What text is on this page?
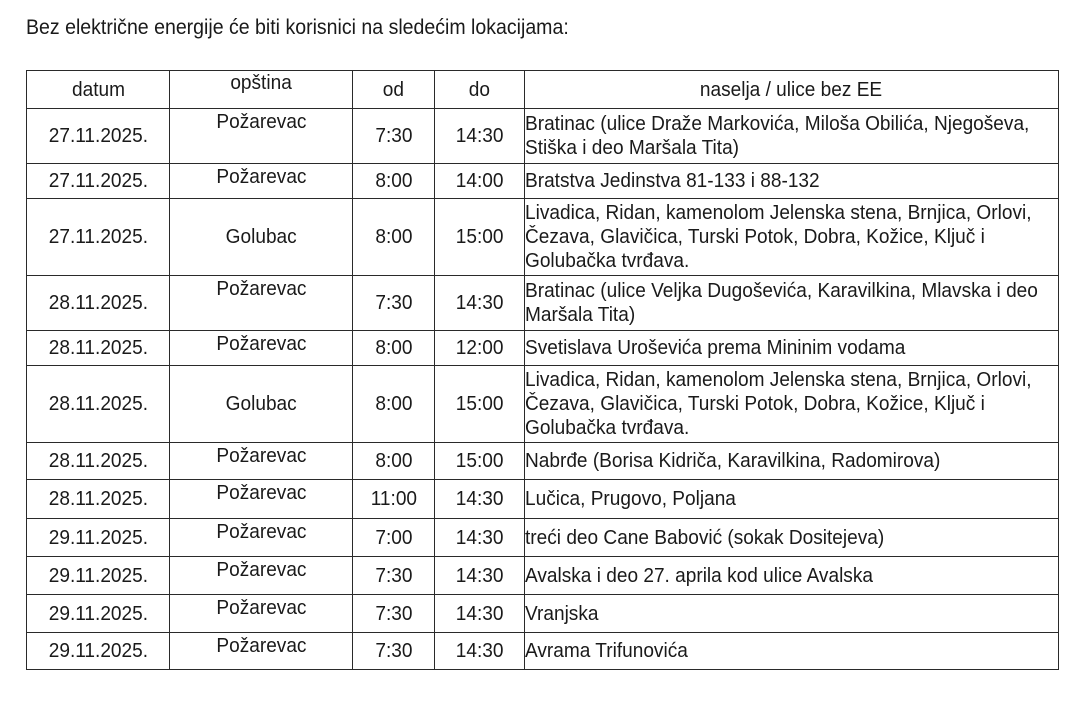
Bez električne energije će biti korisnici na sledećim lokacijama:
datum	opština	od	do	naselja / ulice bez EE
27.11.2025.	Požarevac	7:30	14:30	Bratinac (ulice Draže Markovića, Miloša Obilića, Njegoševa, Stiška i deo Maršala Tita)

27.11.2025.	Požarevac	8:00	14:00	Bratstva Jedinstva 81-133 i 88-132

27.11.2025.	Golubac	8:00	15:00	Livadica, Ridan, kamenolom Jelenska stena, Brnjica, Orlovi, Čezava, Glavičica, Turski Potok, Dobra, Kožice, Ključ i Golubačka tvrđava.

28.11.2025.	Požarevac	7:30	14:30	Bratinac (ulice Veljka Dugoševića, Karavilkina, Mlavska i deo Maršala Tita)

28.11.2025.	Požarevac	8:00	12:00	Svetislava Uroševića prema Mininim vodama

28.11.2025.	Golubac	8:00	15:00	Livadica, Ridan, kamenolom Jelenska stena, Brnjica, Orlovi, Čezava, Glavičica, Turski Potok, Dobra, Kožice, Ključ i Golubačka tvrđava.

28.11.2025.	Požarevac	8:00	15:00	Nabrđe (Borisa Kidriča, Karavilkina, Radomirova)

28.11.2025.	Požarevac	11:00	14:30	Lučica, Prugovo, Poljana

29.11.2025.	Požarevac	7:00	14:30	treći deo Cane Babović (sokak Dositejeva)

29.11.2025.	Požarevac	7:30	14:30	Avalska i deo 27. aprila kod ulice Avalska

29.11.2025.	Požarevac	7:30	14:30	Vranjska

29.11.2025.	Požarevac	7:30	14:30	Avrama Trifunovića
